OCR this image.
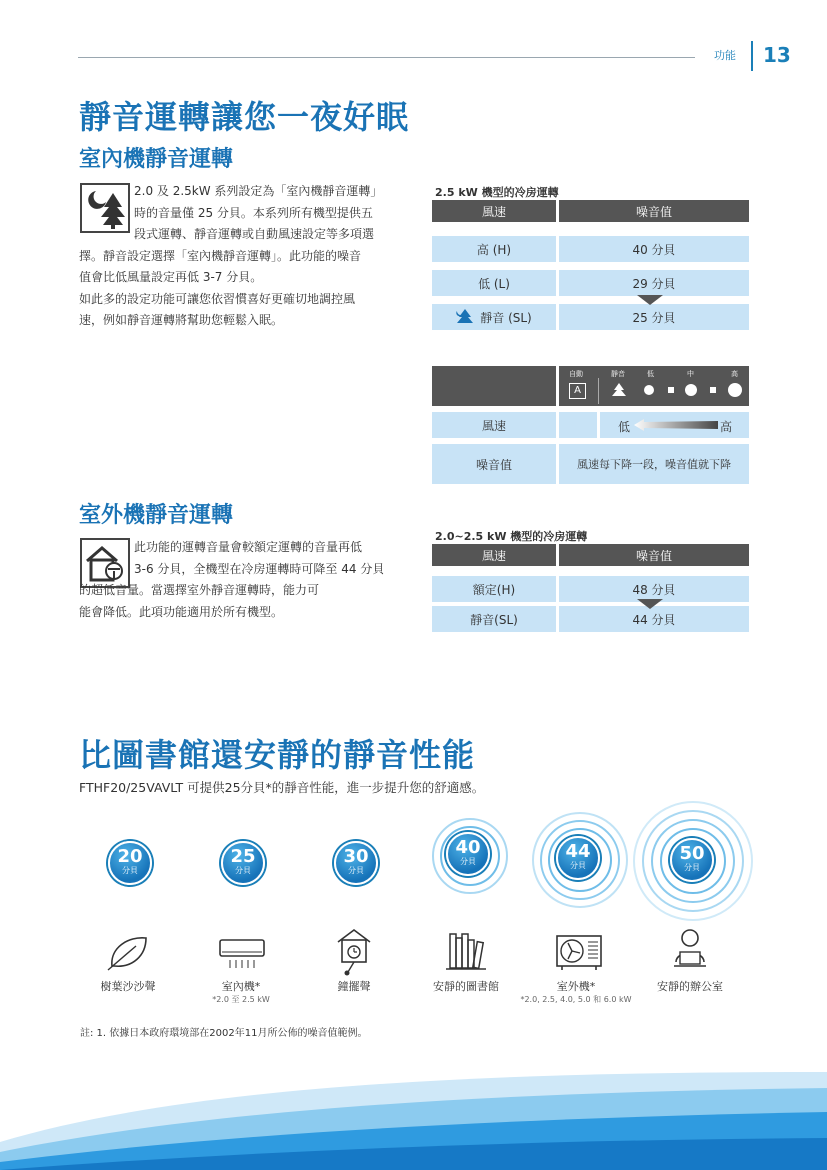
功能 13
靜音運轉讓您一夜好眠
室內機靜音運轉
2.0 及 2.5kW 系列設定為「室內機靜音運轉」
時的音量僅 25 分貝。本系列所有機型提供五
段式運轉、靜音運轉或自動風速設定等多項選
擇。靜音設定選擇「室內機靜音運轉」。此功能的噪音
值會比低風量設定再低 3-7 分貝。
如此多的設定功能可讓您依習慣喜好更確切地調控風
速，例如靜音運轉將幫助您輕鬆入眠。
2.5 kW 機型的冷房運轉
風速	噪音值
高 (H)	40 分貝
低 (L)	29 分貝
靜音 (SL)	25 分貝
自動	靜音	低	中	高
A
風速	低	高
噪音值	風速每下降一段，噪音值就下降
室外機靜音運轉
此功能的運轉音量會較額定運轉的音量再低
3-6 分貝，全機型在冷房運轉時可降至 44 分貝
的超低音量。當選擇室外靜音運轉時，能力可
能會降低。此項功能適用於所有機型。
2.0~2.5 kW 機型的冷房運轉
風速	噪音值
額定(H)	48 分貝
靜音(SL)	44 分貝
比圖書館還安靜的靜音性能
FTHF20/25VAVLT 可提供25分貝*的靜音性能，進一步提升您的舒適感。
20
分貝
25
分貝
30
分貝
40
分貝	44
分貝
50
分貝
樹葉沙沙聲	室內機*
*2.0 至 2.5 kW
鐘擺聲	安靜的圖書館	室外機*
*2.0, 2.5, 4.0, 5.0 和 6.0 kW
安靜的辦公室
註: 1. 依據日本政府環境部在2002年11月所公佈的噪音值範例。
